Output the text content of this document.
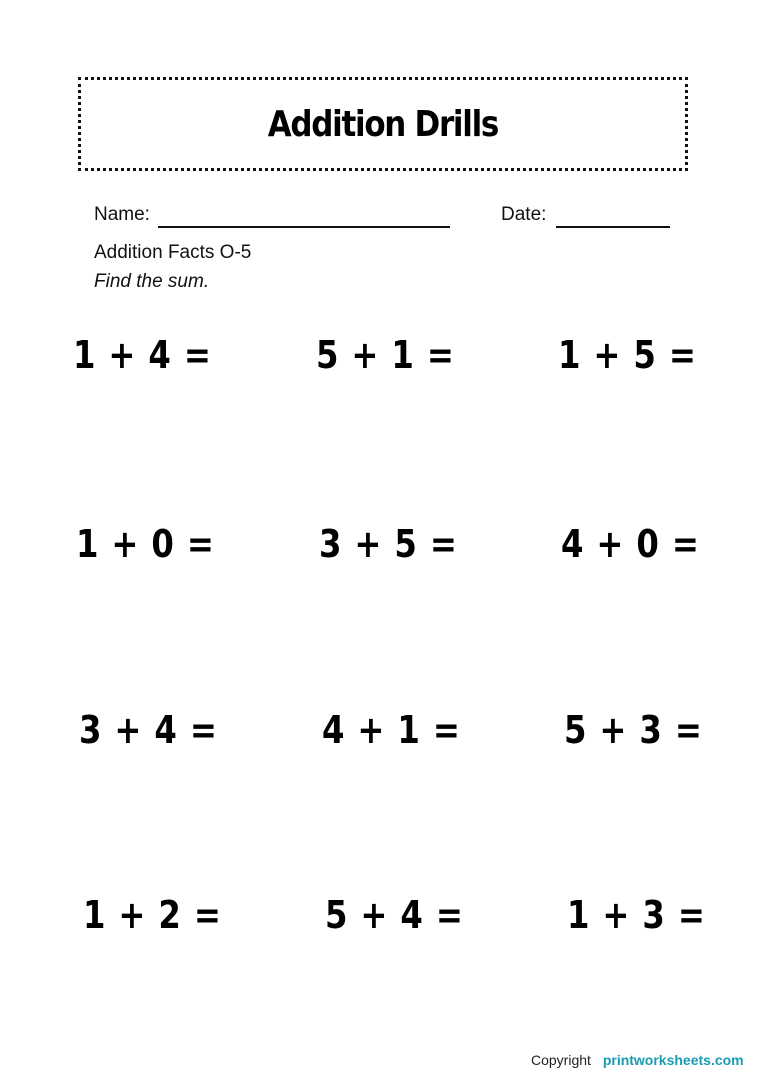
Addition Drills
Name:	Date:
Addition Facts O-5
Find the sum.
1 + 4 =	5 + 1 =	1 + 5 =
1 + 0 =	3 + 5 =	4 + 0 =
3 + 4 =	4 + 1 =	5 + 3 =
1 + 2 =	5 + 4 =	1 + 3 =
Copyright printworksheets.com
